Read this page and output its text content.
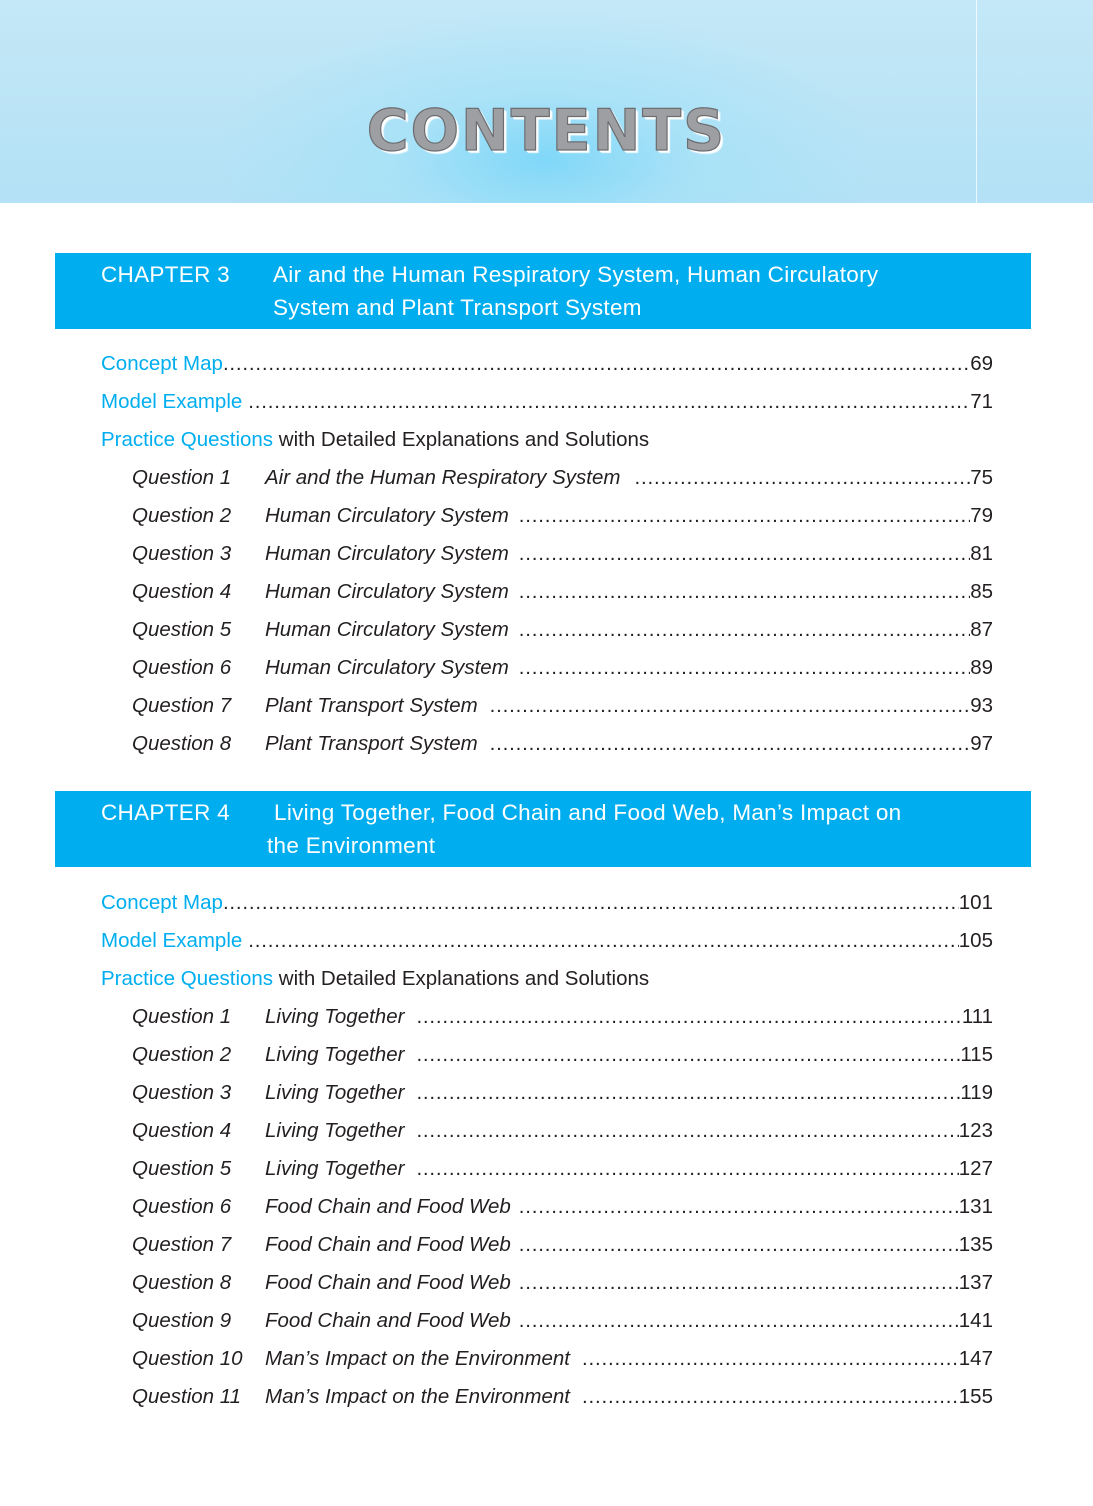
CONTENTS
CHAPTER 3 Air and the Human Respiratory System, Human Circulatory
System and Plant Transport System
Concept Map .....	69
Model Example .....	71
Practice Questions with Detailed Explanations and Solutions
Question 1	Air and the Human Respiratory System .....	75
Question 2	Human Circulatory System .....	79
Question 3	Human Circulatory System .....	81
Question 4	Human Circulatory System .....	85
Question 5	Human Circulatory System .....	87
Question 6	Human Circulatory System .....	89
Question 7	Plant Transport System .....	93
Question 8	Plant Transport System .....	97
CHAPTER 4 Living Together, Food Chain and Food Web, Man’s Impact on
the Environment
Concept Map .....	101
Model Example .....	105
Practice Questions with Detailed Explanations and Solutions
Question 1	Living Together .....	111
Question 2	Living Together .....	115
Question 3	Living Together .....	119
Question 4	Living Together .....	123
Question 5	Living Together .....	127
Question 6	Food Chain and Food Web .....	131
Question 7	Food Chain and Food Web .....	135
Question 8	Food Chain and Food Web .....	137
Question 9	Food Chain and Food Web .....	141
Question 10	Man’s Impact on the Environment .....	147
Question 11	Man’s Impact on the Environment .....	155
